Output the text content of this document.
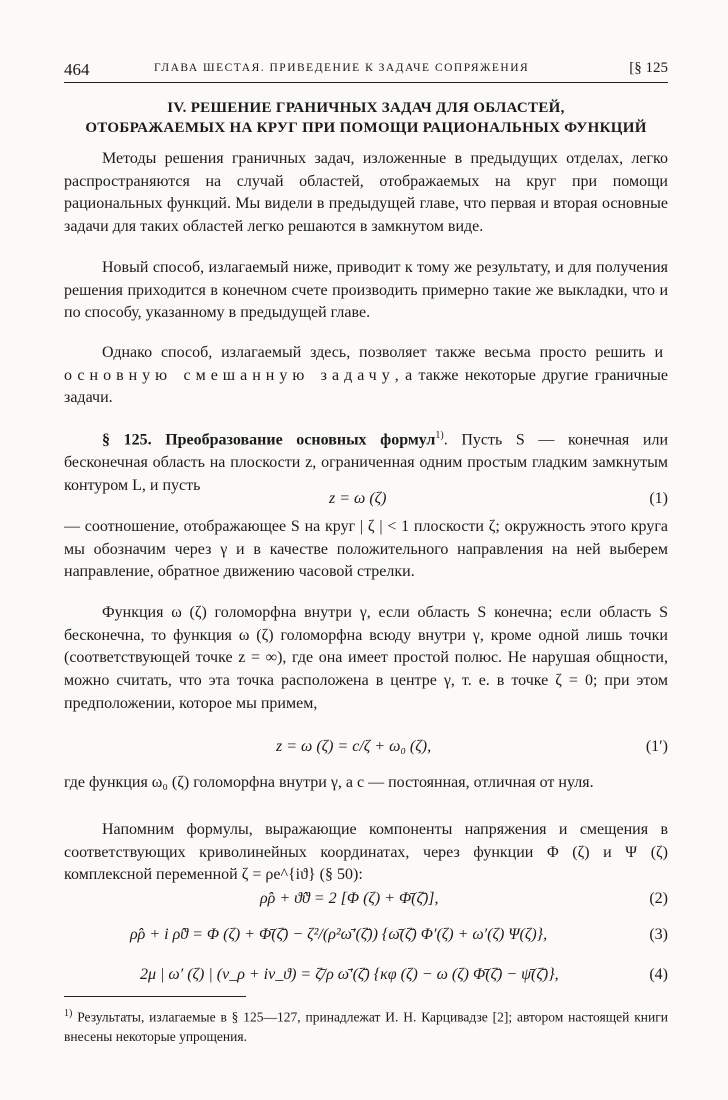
464	ГЛАВА ШЕСТАЯ. ПРИВЕДЕНИЕ К ЗАДАЧЕ СОПРЯЖЕНИЯ	[§ 125
IV. РЕШЕНИЕ ГРАНИЧНЫХ ЗАДАЧ ДЛЯ ОБЛАСТЕЙ,
ОТОБРАЖАЕМЫХ НА КРУГ ПРИ ПОМОЩИ РАЦИОНАЛЬНЫХ ФУНКЦИЙ

Методы решения граничных задач, изложенные в предыдущих отделах, легко распространяются на случай областей, отображаемых на круг при помощи рациональных функций. Мы видели в предыдущей главе, что первая и вторая основные задачи для таких областей легко решаются в замкнутом виде.

Новый способ, излагаемый ниже, приводит к тому же результату, и для получения решения приходится в конечном счете производить примерно такие же выкладки, что и по способу, указанному в предыдущей главе.

Однако способ, излагаемый здесь, позволяет также весьма просто решить и основную смешанную задачу, а также некоторые другие граничные задачи.

§ 125. Преобразование основных формул$^{1)}$. Пусть S — конечная или бесконечная область на плоскости z, ограниченная одним простым гладким замкнутым контуром L, и пусть

z = ω (ζ)	(1)

— соотношение, отображающее S на круг | ζ | < 1 плоскости ζ; окружность этого круга мы обозначим через γ и в качестве положительного направления на ней выберем направление, обратное движению часовой стрелки.

Функция ω (ζ) голоморфна внутри γ, если область S конечна; если область S бесконечна, то функция ω (ζ) голоморфна всюду внутри γ, кроме одной лишь точки (соответствующей точке z = ∞), где она имеет простой полюс. Не нарушая общности, можно считать, что эта точка расположена в центре γ, т. е. в точке ζ = 0; при этом предположении, которое мы примем,

z = ω (ζ) = c/ζ + ω₀ (ζ),	(1′)

где функция ω₀ (ζ) голоморфна внутри γ, а c — постоянная, отличная от нуля.

Напомним формулы, выражающие компоненты напряжения и смещения в соответствующих криволинейных координатах, через функции Φ (ζ) и Ψ (ζ) комплексной переменной ζ = ρe^{iϑ} (§ 50):

ρ̂ρ + ϑ̂ϑ = 2 [Φ (ζ) + Φ̄(ζ̄)],	(2)
ρ̂ρ + i ρ̂ϑ = Φ (ζ) + Φ̄(ζ̄) − ζ²/(ρ²ω̄′(ζ̄)) {ω̄(ζ̄) Φ′(ζ) + ω′(ζ) Ψ(ζ)},	(3)
2μ | ω′ (ζ) | (v_ρ + iv_ϑ) = ζ̄/ρ ω̄′(ζ̄) {κφ (ζ) − ω (ζ) Φ̄(ζ̄) − ψ̄(ζ̄)},	(4)

$^{1)}$ Результаты, излагаемые в § 125—127, принадлежат И. Н. Карцивадзе [2]; автором настоящей книги внесены некоторые упрощения.
